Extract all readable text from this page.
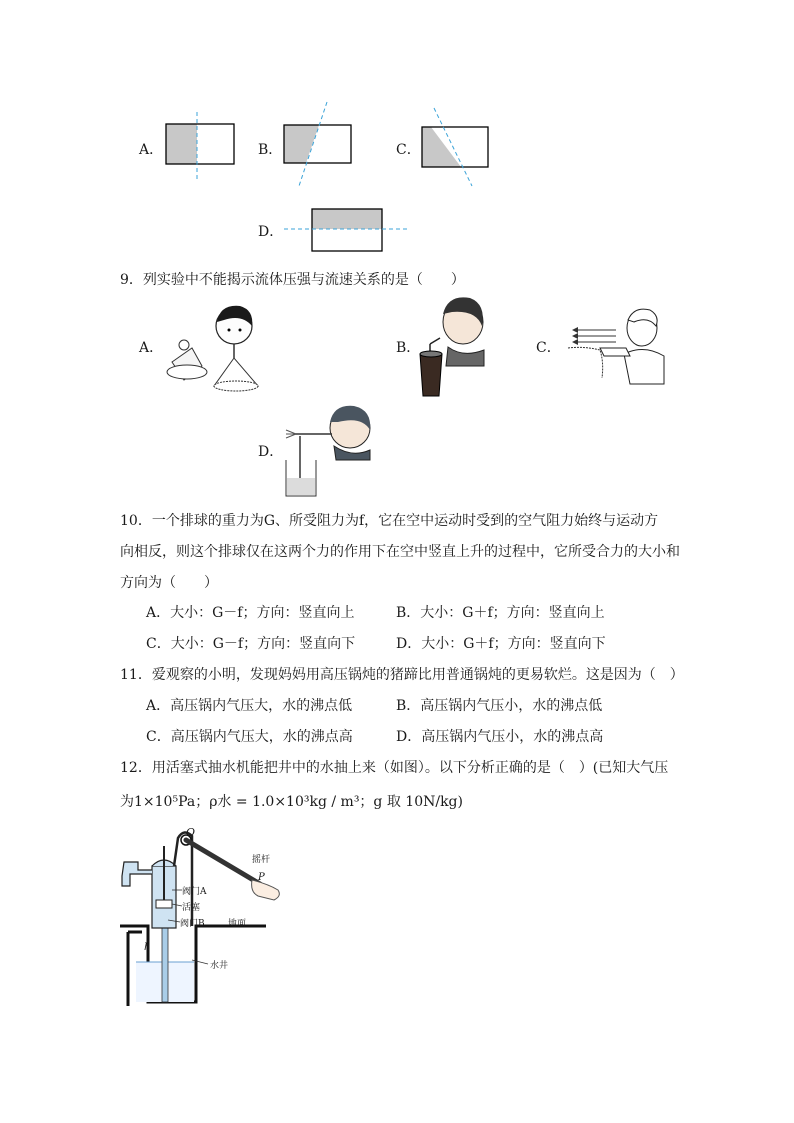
A．	B．	C．
D．
9．列实验中不能揭示流体压强与流速关系的是（　　）
A．	B．	C．
D．
10．一个排球的重力为G、所受阻力为f，它在空中运动时受到的空气阻力始终与运动方
向相反，则这个排球仅在这两个力的作用下在空中竖直上升的过程中，它所受合力的大小和
方向为（　　）
A．大小：G－f；方向：竖直向上	B．大小：G＋f；方向：竖直向上
C．大小：G－f；方向：竖直向下	D．大小：G＋f；方向：竖直向下
11．爱观察的小明，发现妈妈用高压锅炖的猪蹄比用普通锅炖的更易软烂。这是因为（　）
A．高压锅内气压大，水的沸点低	B．高压锅内气压小，水的沸点低
C．高压锅内气压大，水的沸点高	D．高压锅内气压小，水的沸点高
12．用活塞式抽水机能把井中的水抽上来（如图）。以下分析正确的是（　）(已知大气压
为1×10⁵Pa；ρ水 = 1.0×10³kg / m³；g 取 10N/kg)
O
摇杆
P
阀门A
活塞
阀门B	地面
h
水井
